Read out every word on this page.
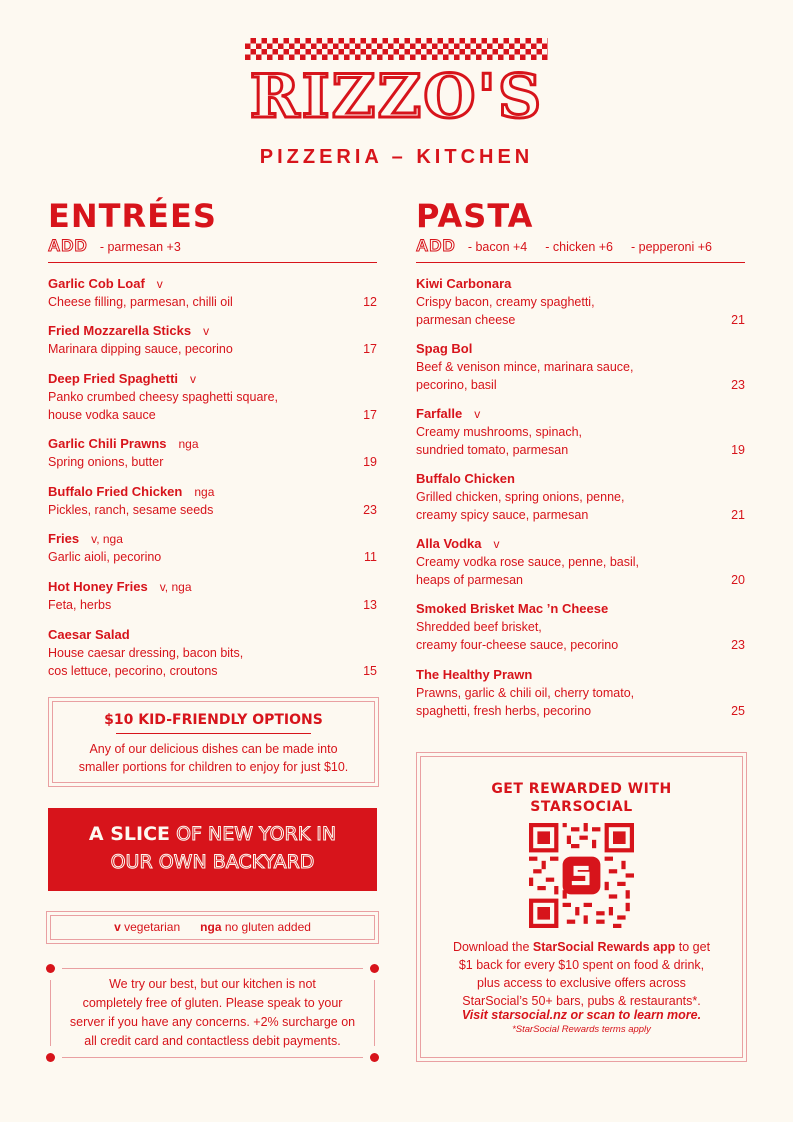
RIZZO'S
PIZZERIA – KITCHEN
ENTRÉES
ADD - parmesan +3
Garlic Cob Loaf v
Cheese filling, parmesan, chilli oil	12
Fried Mozzarella Sticks v
Marinara dipping sauce, pecorino	17
Deep Fried Spaghetti v
Panko crumbed cheesy spaghetti square,
house vodka sauce	17
Garlic Chili Prawns nga
Spring onions, butter	19
Buffalo Fried Chicken nga
Pickles, ranch, sesame seeds	23
Fries v, nga
Garlic aioli, pecorino	11
Hot Honey Fries v, nga
Feta, herbs	13
Caesar Salad
House caesar dressing, bacon bits,
cos lettuce, pecorino, croutons	15
$10 KID-FRIENDLY OPTIONS
Any of our delicious dishes can be made into
smaller portions for children to enjoy for just $10.
A SLICE OF NEW YORK IN
OUR OWN BACKYARD
v vegetarian nga no gluten added
We try our best, but our kitchen is not
completely free of gluten. Please speak to your
server if you have any concerns. +2% surcharge on
all credit card and contactless debit payments.
PASTA
ADD - bacon +4 - chicken +6 - pepperoni +6
Kiwi Carbonara
Crispy bacon, creamy spaghetti,
parmesan cheese	21
Spag Bol
Beef & venison mince, marinara sauce,
pecorino, basil	23
Farfalle v
Creamy mushrooms, spinach,
sundried tomato, parmesan	19
Buffalo Chicken
Grilled chicken, spring onions, penne,
creamy spicy sauce, parmesan	21
Alla Vodka v
Creamy vodka rose sauce, penne, basil,
heaps of parmesan	20
Smoked Brisket Mac ’n Cheese
Shredded beef brisket,
creamy four-cheese sauce, pecorino	23
The Healthy Prawn
Prawns, garlic & chili oil, cherry tomato,
spaghetti, fresh herbs, pecorino	25
GET REWARDED WITH
STARSOCIAL
Download the StarSocial Rewards app to get
$1 back for every $10 spent on food & drink,
plus access to exclusive offers across
StarSocial’s 50+ bars, pubs & restaurants*.
Visit starsocial.nz or scan to learn more.
*StarSocial Rewards terms apply
